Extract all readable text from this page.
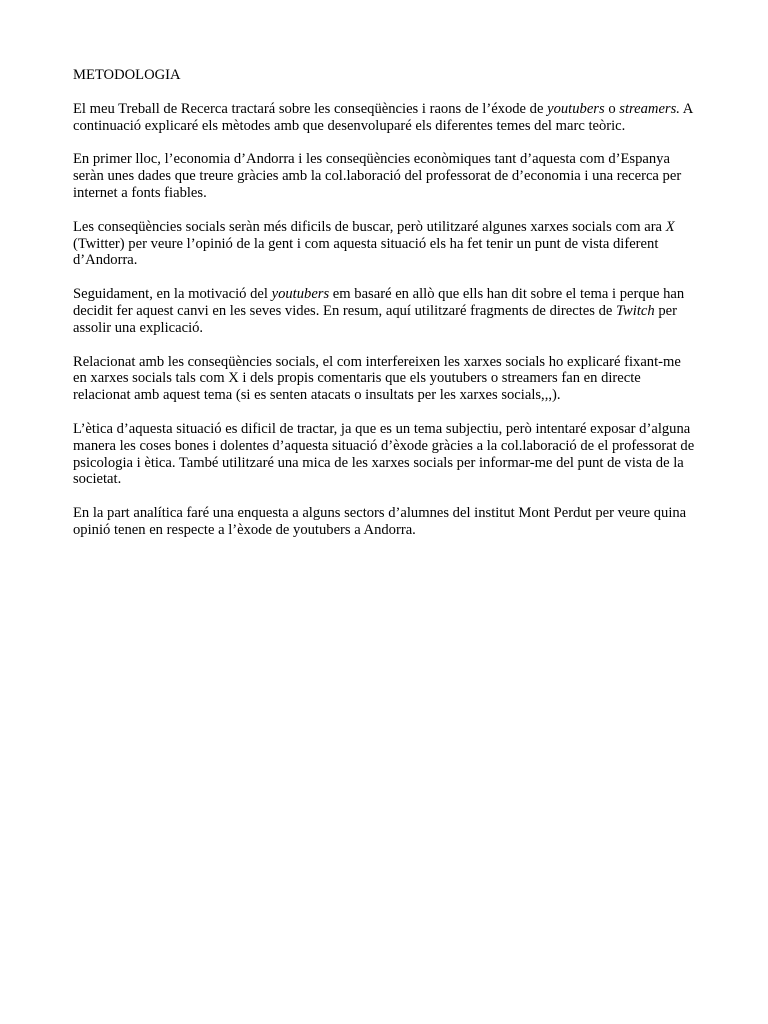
METODOLOGIA
El meu Treball de Recerca tractará sobre les conseqüències i raons de l’éxode de youtubers o streamers. A continuació explicaré els mètodes amb que desenvoluparé els diferentes temes del marc teòric.
En primer lloc, l’economia d’Andorra i les conseqüències econòmiques tant d’aquesta com d’Espanya seràn unes dades que treure gràcies amb la col.laboració del professorat de d’economia i una recerca per internet a fonts fiables.
Les conseqüències socials seràn més dificils de buscar, però utilitzaré algunes xarxes socials com ara X (Twitter) per veure l’opinió de la gent i com aquesta situació els ha fet tenir un punt de vista diferent d’Andorra.
Seguidament, en la motivació del youtubers em basaré en allò que ells han dit sobre el tema i perque han decidit fer aquest canvi en les seves vides. En resum, aquí utilitzaré fragments de directes de Twitch per assolir una explicació.
Relacionat amb les conseqüències socials, el com interfereixen les xarxes socials ho explicaré fixant-me en xarxes socials tals com X i dels propis comentaris que els youtubers o streamers fan en directe relacionat amb aquest tema (si es senten atacats o insultats per les xarxes socials,,,).
L’ètica d’aquesta situació es dificil de tractar, ja que es un tema subjectiu, però intentaré exposar d’alguna manera les coses bones i dolentes d’aquesta situació d’èxode gràcies a la col.laboració de el professorat de psicologia i ètica. També utilitzaré una mica de les xarxes socials per informar-me del punt de vista de la societat.
En la part analítica faré una enquesta a alguns sectors d’alumnes del institut Mont Perdut per veure quina opinió tenen en respecte a l’èxode de youtubers a Andorra.
